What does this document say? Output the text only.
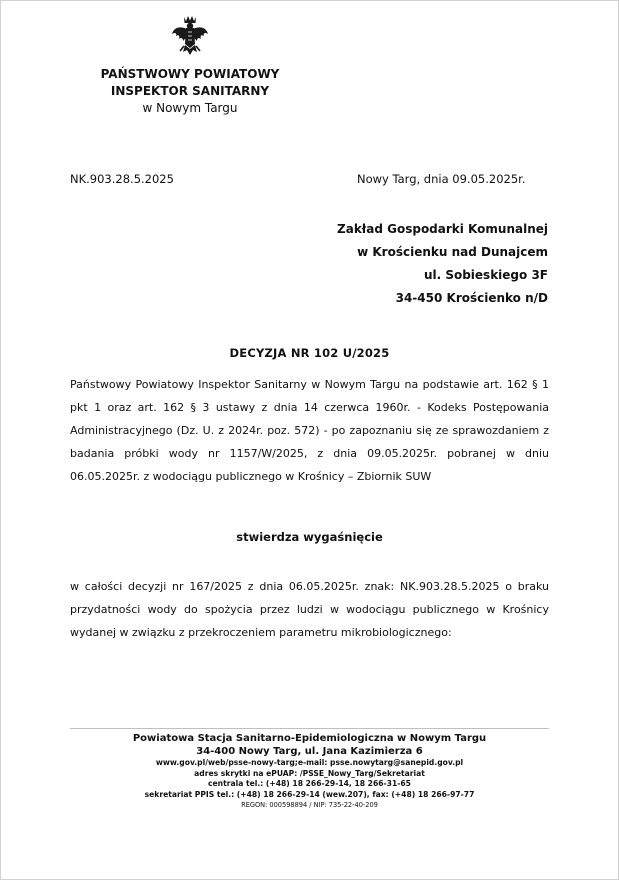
PAŃSTWOWY POWIATOWY
INSPEKTOR SANITARNY
w Nowym Targu
NK.903.28.5.2025	Nowy Targ, dnia 09.05.2025r.
Zakład Gospodarki Komunalnej
w Krościenku nad Dunajcem
ul. Sobieskiego 3F
34-450 Krościenko n/D
DECYZJA NR 102 U/2025
Państwowy Powiatowy Inspektor Sanitarny w Nowym Targu na podstawie art. 162 § 1 pkt 1 oraz art. 162 § 3 ustawy z dnia 14 czerwca 1960r. - Kodeks Postępowania Administracyjnego (Dz. U. z 2024r. poz. 572) - po zapoznaniu się ze sprawozdaniem z badania próbki wody nr 1157/W/2025, z dnia 09.05.2025r. pobranej w dniu 06.05.2025r. z wodociągu publicznego w Krośnicy – Zbiornik SUW
stwierdza wygaśnięcie
w całości decyzji nr 167/2025 z dnia 06.05.2025r. znak: NK.903.28.5.2025 o braku przydatności wody do spożycia przez ludzi w wodociągu publicznego w Krośnicy wydanej w związku z przekroczeniem parametru mikrobiologicznego:
Powiatowa Stacja Sanitarno-Epidemiologiczna w Nowym Targu
34-400 Nowy Targ, ul. Jana Kazimierza 6
www.gov.pl/web/psse-nowy-targ;e-mail: psse.nowytarg@sanepid.gov.pl
adres skrytki na ePUAP: /PSSE_Nowy_Targ/Sekretariat
centrala tel.: (+48) 18 266-29-14, 18 266-31-65
sekretariat PPIS tel.: (+48) 18 266-29-14 (wew.207), fax: (+48) 18 266-97-77
REGON: 000598894 / NIP: 735-22-40-209
